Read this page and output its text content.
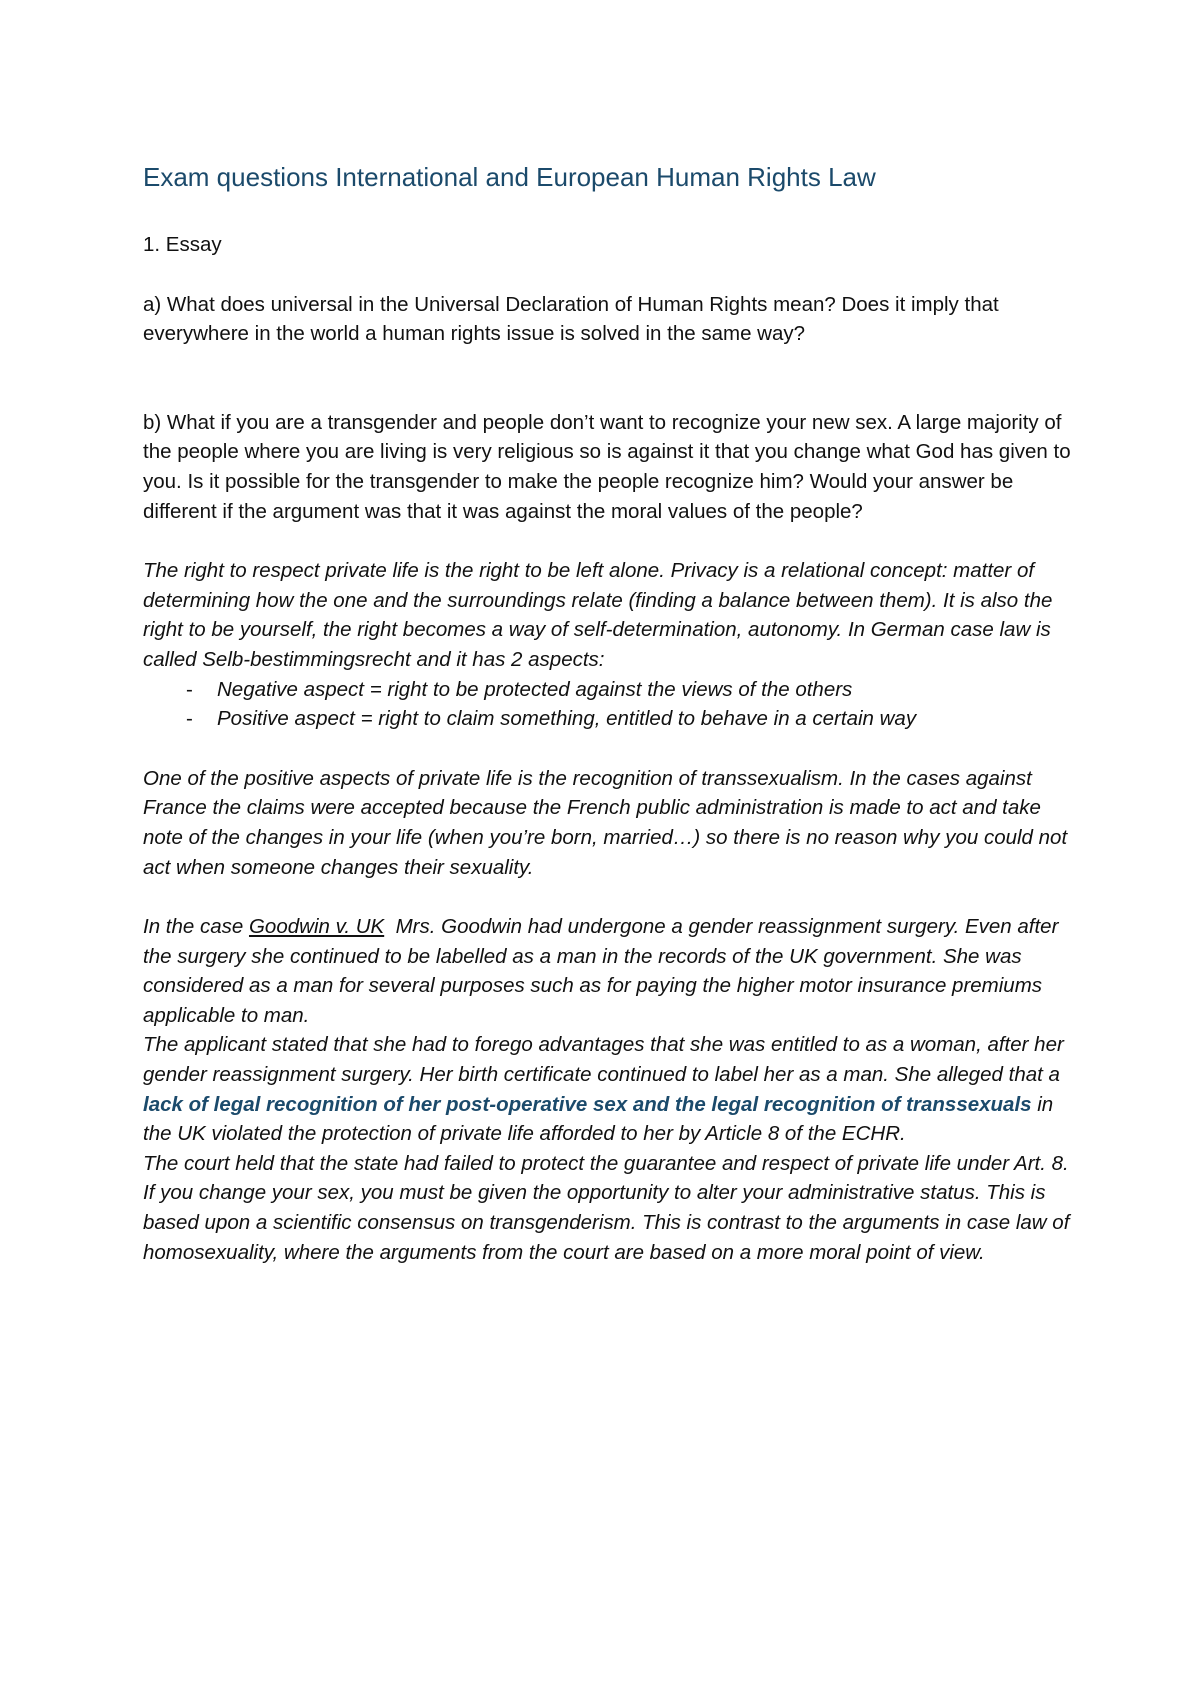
Exam questions International and European Human Rights Law

1. Essay

a) What does universal in the Universal Declaration of Human Rights mean? Does it imply that everywhere in the world a human rights issue is solved in the same way?

b) What if you are a transgender and people don’t want to recognize your new sex. A large majority of the people where you are living is very religious so is against it that you change what God has given to you. Is it possible for the transgender to make the people recognize him? Would your answer be different if the argument was that it was against the moral values of the people?

The right to respect private life is the right to be left alone. Privacy is a relational concept: matter of determining how the one and the surroundings relate (finding a balance between them). It is also the right to be yourself, the right becomes a way of self-determination, autonomy. In German case law is called Selb-bestimmingsrecht and it has 2 aspects:

- Negative aspect = right to be protected against the views of the others
- Positive aspect = right to claim something, entitled to behave in a certain way

One of the positive aspects of private life is the recognition of transsexualism. In the cases against France the claims were accepted because the French public administration is made to act and take note of the changes in your life (when you’re born, married…) so there is no reason why you could not act when someone changes their sexuality.

In the case Goodwin v. UK  Mrs. Goodwin had undergone a gender reassignment surgery. Even after the surgery she continued to be labelled as a man in the records of the UK government. She was considered as a man for several purposes such as for paying the higher motor insurance premiums applicable to man.

The applicant stated that she had to forego advantages that she was entitled to as a woman, after her gender reassignment surgery. Her birth certificate continued to label her as a man. She alleged that a lack of legal recognition of her post-operative sex and the legal recognition of transsexuals in the UK violated the protection of private life afforded to her by Article 8 of the ECHR.

The court held that the state had failed to protect the guarantee and respect of private life under Art. 8. If you change your sex, you must be given the opportunity to alter your administrative status. This is based upon a scientific consensus on transgenderism. This is contrast to the arguments in case law of homosexuality, where the arguments from the court are based on a more moral point of view.
